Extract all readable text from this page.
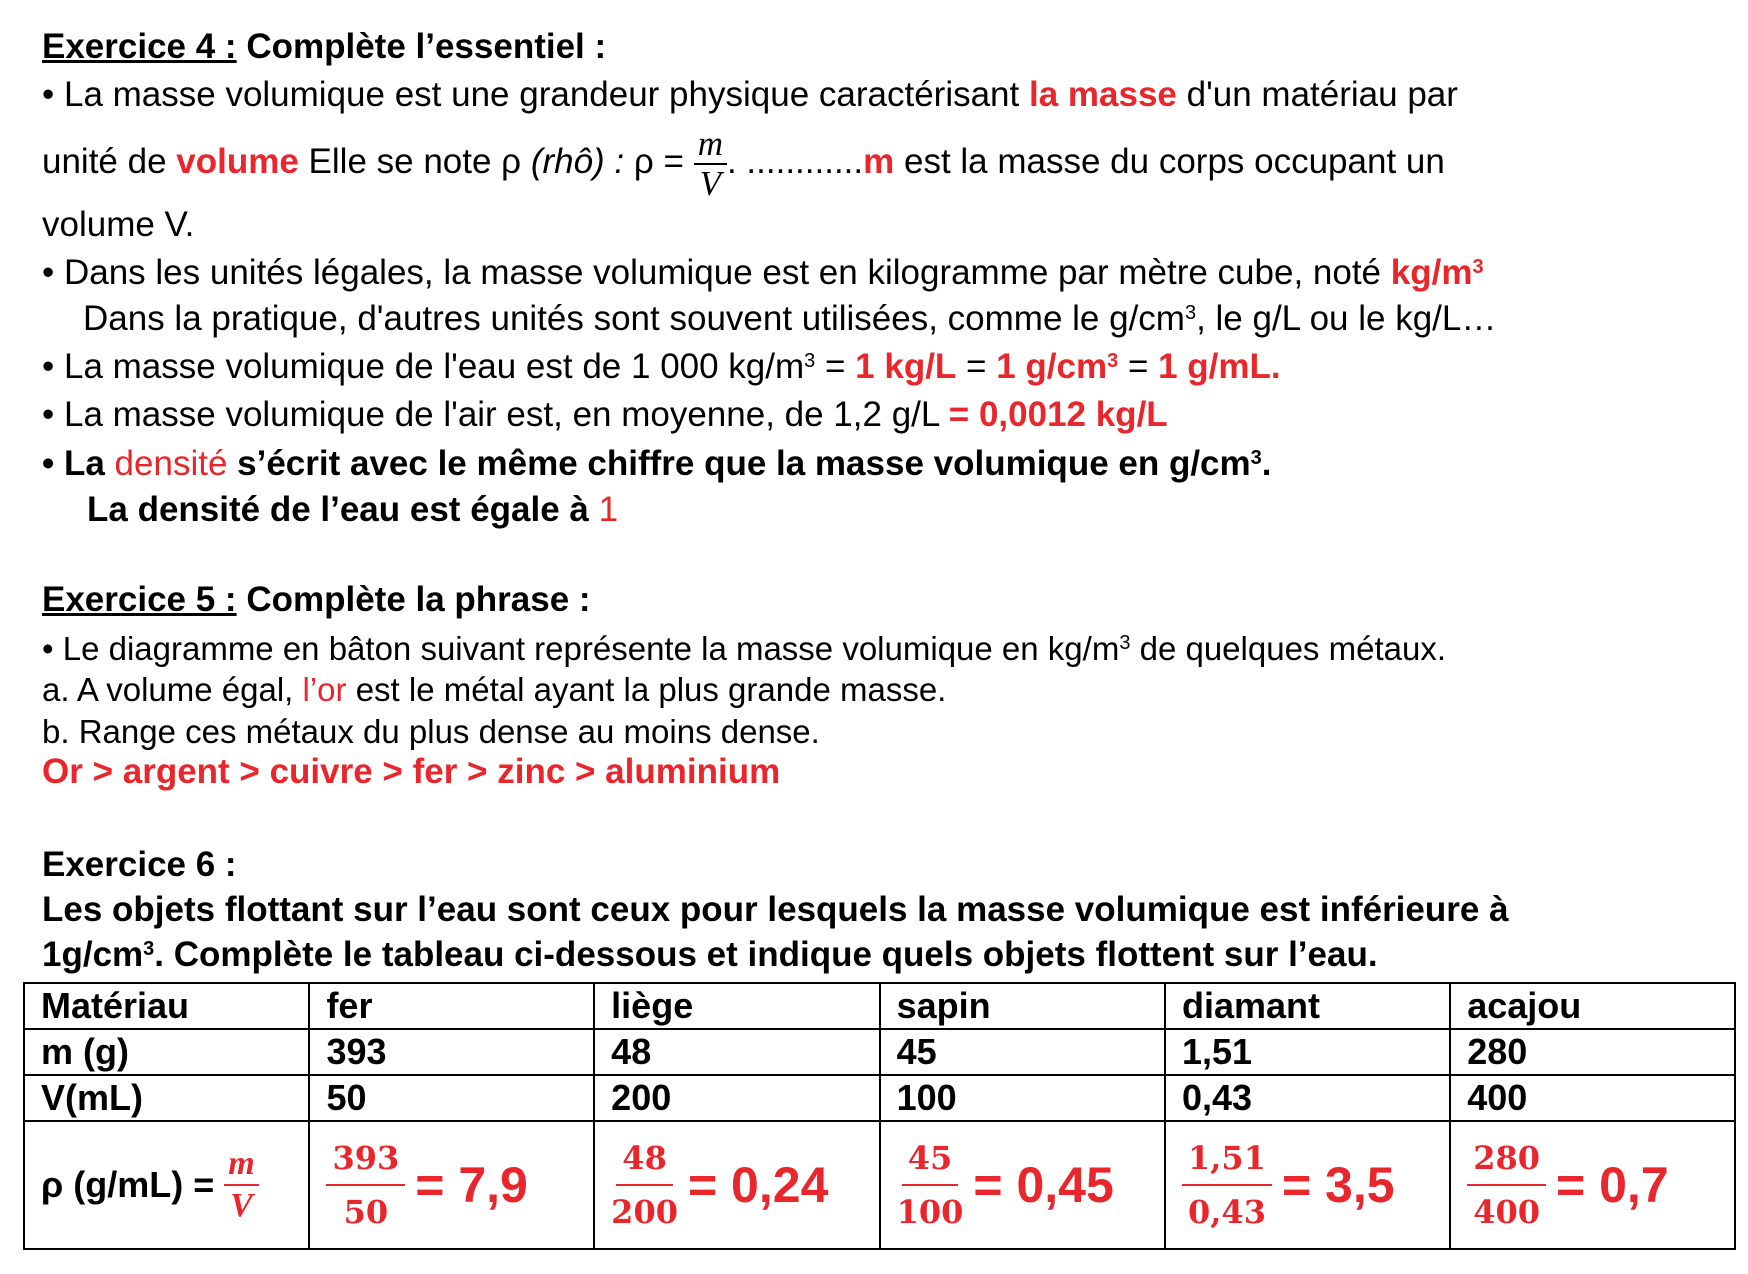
Exercice 4 : Complète l’essentiel :
• La masse volumique est une grandeur physique caractérisant la masse d'un matériau par
unité de volume Elle se note ρ (rhô) : $\rho = \frac{m}{V}$ . ............m est la masse du corps occupant un
volume V.
• Dans les unités légales, la masse volumique est en kilogramme par mètre cube, noté $kg/m^3$
Dans la pratique, d'autres unités sont souvent utilisées, comme le $g/cm^3$, le g/L ou le kg/L…
• La masse volumique de l'eau est de 1 000 $kg/m^3 = 1$ kg/L = 1 $g/cm^3 = 1$ g/mL.
• La masse volumique de l'air est, en moyenne, de 1,2 g/L = 0,0012 kg/L
• La densité s’écrit avec le même chiffre que la masse volumique en $g/cm^3$.
La densité de l’eau est égale à 1
Exercice 5 : Complète la phrase :
• Le diagramme en bâton suivant représente la masse volumique en $kg/m^3$ de quelques métaux.
a. A volume égal, l’or est le métal ayant la plus grande masse.
b. Range ces métaux du plus dense au moins dense.
Or > argent > cuivre > fer > zinc > aluminium
Exercice 6 :
Les objets flottant sur l’eau sont ceux pour lesquels la masse volumique est inférieure à
$1g/cm^3$. Complète le tableau ci-dessous et indique quels objets flottent sur l’eau.
Matériau	fer	liège	sapin	diamant	acajou
m (g)	393	48	45	1,51	280
V(mL)	50	200	100	0,43	400
ρ $(g/mL) = \frac{m}{V}$	$\frac{393}{50} = 7,9$	$\frac{48}{200} = 0,24$	$\frac{45}{100} = 0,45$	$\frac{1,51}{0,43} = 3,5$	$\frac{280}{400} = 0,7$
